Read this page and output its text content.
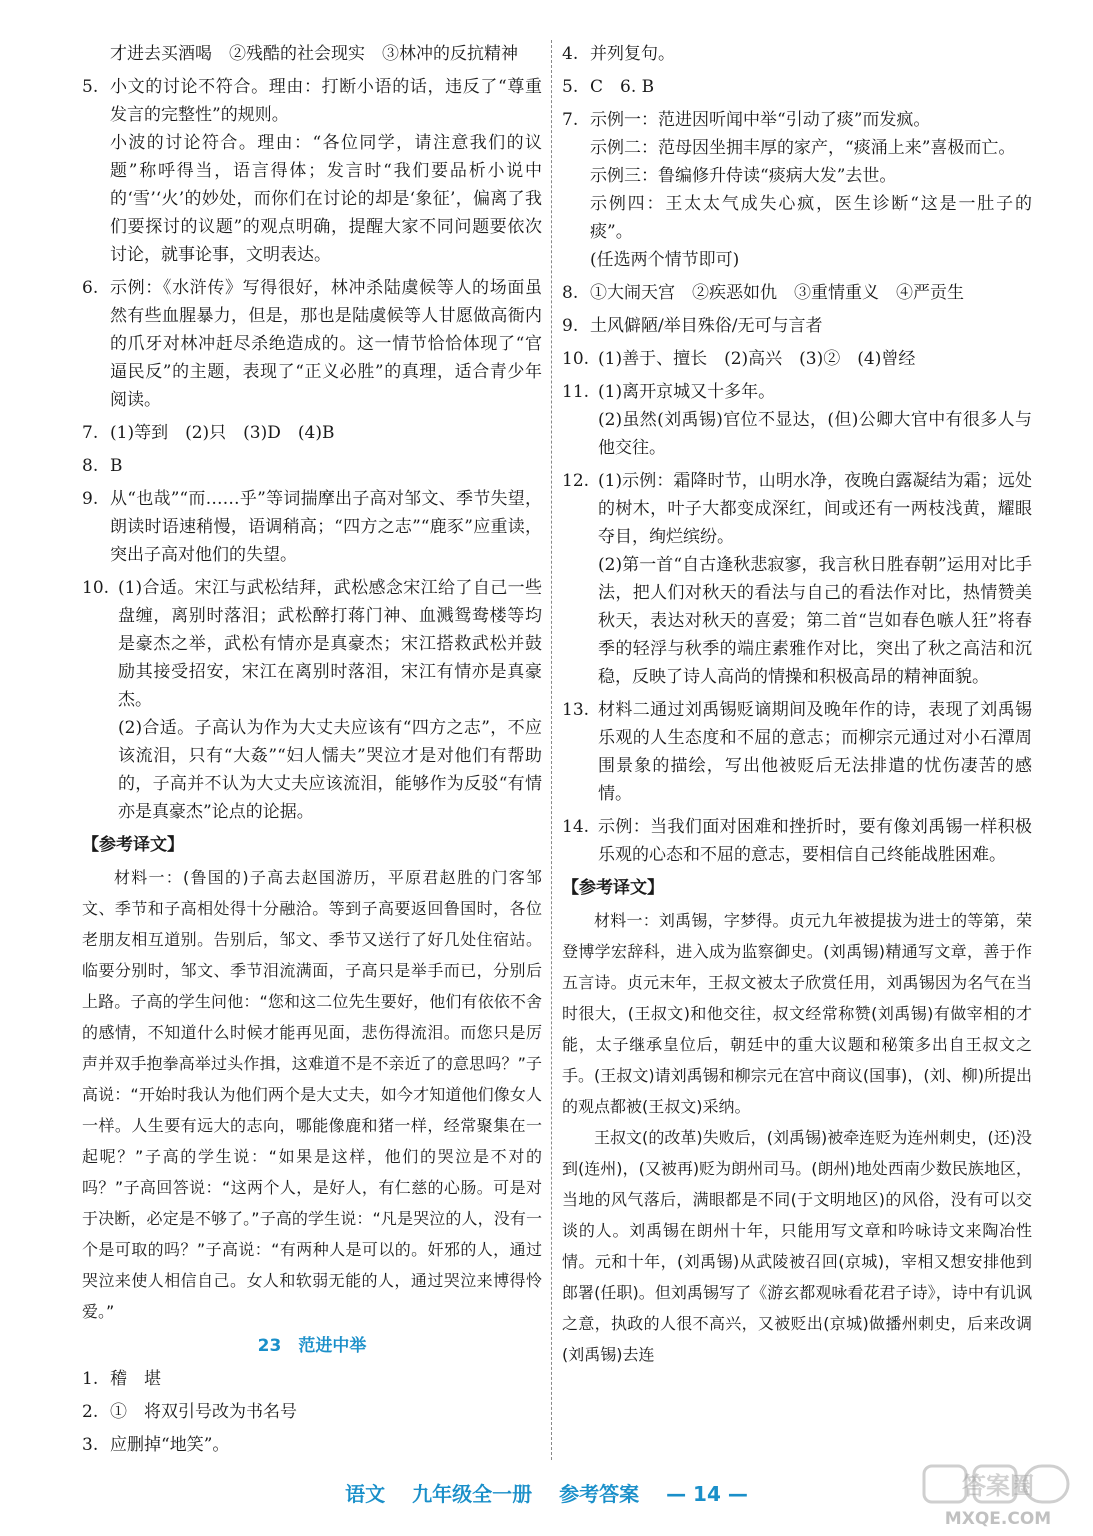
才进去买酒喝　②残酷的社会现实　③林冲的反抗精神
5. 小文的讨论不符合。理由：打断小语的话，违反了“尊重发言的完整性”的规则。

小波的讨论符合。理由：“各位同学，请注意我们的议题”称呼得当，语言得体；发言时“我们要品析小说中的‘雪’‘火’的妙处，而你们在讨论的却是‘象征’，偏离了我们要探讨的议题”的观点明确，提醒大家不同问题要依次讨论，就事论事，文明表达。

6. 示例：《水浒传》写得很好，林冲杀陆虞候等人的场面虽然有些血腥暴力，但是，那也是陆虞候等人甘愿做高衙内的爪牙对林冲赶尽杀绝造成的。这一情节恰恰体现了“官逼民反”的主题，表现了“正义必胜”的真理，适合青少年阅读。

7. (1)等到　(2)只　(3)D　(4)B

8. B

9. 从“也哉”“而……乎”等词揣摩出子高对邹文、季节失望，朗读时语速稍慢，语调稍高；“四方之志”“鹿豕”应重读，突出子高对他们的失望。

10. (1)合适。宋江与武松结拜，武松感念宋江给了自己一些盘缠，离别时落泪；武松醉打蒋门神、血溅鸳鸯楼等均是豪杰之举，武松有情亦是真豪杰；宋江搭救武松并鼓励其接受招安，宋江在离别时落泪，宋江有情亦是真豪杰。

(2)合适。子高认为作为大丈夫应该有“四方之志”，不应该流泪，只有“大姦”“妇人懦夫”哭泣才是对他们有帮助的，子高并不认为大丈夫应该流泪，能够作为反驳“有情亦是真豪杰”论点的论据。

【参考译文】

材料一：(鲁国的)子高去赵国游历，平原君赵胜的门客邹文、季节和子高相处得十分融洽。等到子高要返回鲁国时，各位老朋友相互道别。告别后，邹文、季节又送行了好几处住宿站。临要分别时，邹文、季节泪流满面，子高只是举手而已，分别后上路。子高的学生问他：“您和这二位先生要好，他们有依依不舍的感情，不知道什么时候才能再见面，悲伤得流泪。而您只是厉声并双手抱拳高举过头作揖，这难道不是不亲近了的意思吗？”子高说：“开始时我认为他们两个是大丈夫，如今才知道他们像女人一样。人生要有远大的志向，哪能像鹿和猪一样，经常聚集在一起呢？”子高的学生说：“如果是这样，他们的哭泣是不对的吗？”子高回答说：“这两个人，是好人，有仁慈的心肠。可是对于决断，必定是不够了。”子高的学生说：“凡是哭泣的人，没有一个是可取的吗？”子高说：“有两种人是可以的。奸邪的人，通过哭泣来使人相信自己。女人和软弱无能的人，通过哭泣来博得怜爱。”

23　范进中举
1. 稽　堪

2. ①　将双引号改为书名号

3. 应删掉“地笑”。

4. 并列复句。

5. C　6. B

7. 示例一：范进因听闻中举“引动了痰”而发疯。

示例二：范母因坐拥丰厚的家产，“痰涌上来”喜极而亡。

示例三：鲁编修升侍读“痰病大发”去世。

示例四：王太太气成失心疯，医生诊断“这是一肚子的痰”。

(任选两个情节即可)

8. ①大闹天宫　②疾恶如仇　③重情重义　④严贡生

9. 土风僻陋/举目殊俗/无可与言者

10. (1)善于、擅长　(2)高兴　(3)②　(4)曾经

11. (1)离开京城又十多年。

(2)虽然(刘禹锡)官位不显达，(但)公卿大官中有很多人与他交往。

12. (1)示例：霜降时节，山明水净，夜晚白露凝结为霜；远处的树木，叶子大都变成深红，间或还有一两枝浅黄，耀眼夺目，绚烂缤纷。

(2)第一首“自古逢秋悲寂寥，我言秋日胜春朝”运用对比手法，把人们对秋天的看法与自己的看法作对比，热情赞美秋天，表达对秋天的喜爱；第二首“岂如春色嗾人狂”将春季的轻浮与秋季的端庄素雅作对比，突出了秋之高洁和沉稳，反映了诗人高尚的情操和积极高昂的精神面貌。

13. 材料二通过刘禹锡贬谪期间及晚年作的诗，表现了刘禹锡乐观的人生态度和不屈的意志；而柳宗元通过对小石潭周围景象的描绘，写出他被贬后无法排遣的忧伤凄苦的感情。

14. 示例：当我们面对困难和挫折时，要有像刘禹锡一样积极乐观的心态和不屈的意志，要相信自己终能战胜困难。

【参考译文】

材料一：刘禹锡，字梦得。贞元九年被提拔为进士的等第，荣登博学宏辞科，进入成为监察御史。(刘禹锡)精通写文章，善于作五言诗。贞元末年，王叔文被太子欣赏任用，刘禹锡因为名气在当时很大，(王叔文)和他交往，叔文经常称赞(刘禹锡)有做宰相的才能，太子继承皇位后，朝廷中的重大议题和秘策多出自王叔文之手。(王叔文)请刘禹锡和柳宗元在宫中商议(国事)，(刘、柳)所提出的观点都被(王叔文)采纳。

王叔文(的改革)失败后，(刘禹锡)被牵连贬为连州刺史，(还)没到(连州)，(又被再)贬为朗州司马。(朗州)地处西南少数民族地区，当地的风气落后，满眼都是不同(于文明地区)的风俗，没有可以交谈的人。刘禹锡在朗州十年，只能用写文章和吟咏诗文来陶冶性情。元和十年，(刘禹锡)从武陵被召回(京城)，宰相又想安排他到郎署(任职)。但刘禹锡写了《游玄都观咏看花君子诗》，诗中有讥讽之意，执政的人很不高兴，又被贬出(京城)做播州刺史，后来改调(刘禹锡)去连

语文 九年级全一册 参考答案 — 14 —
MXQE.COM
答案圈
